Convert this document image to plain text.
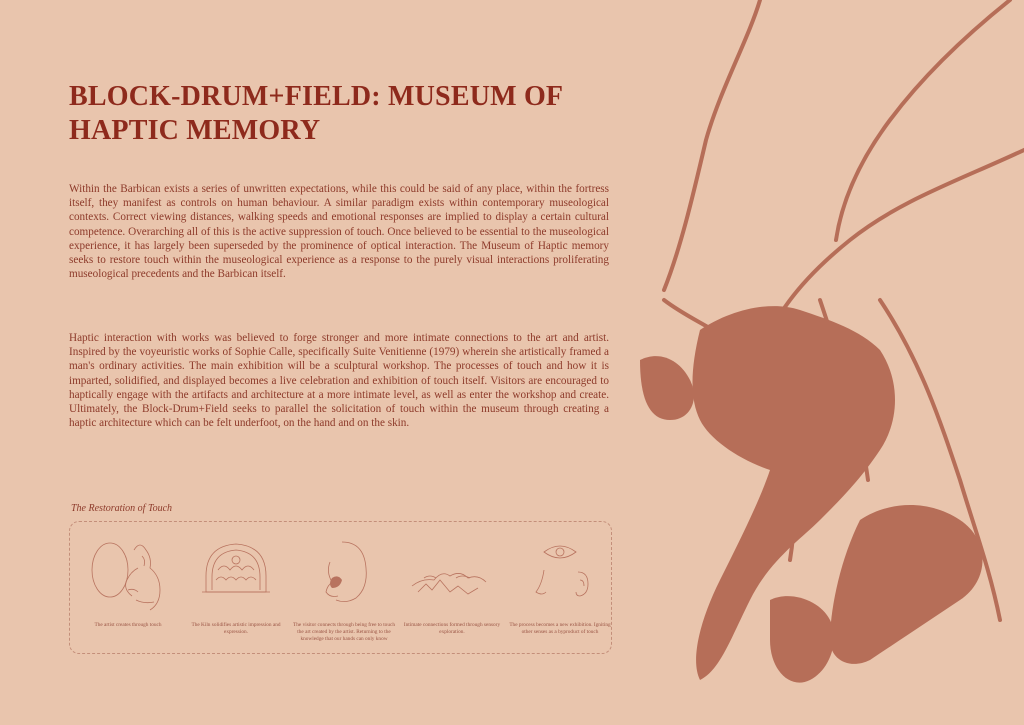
BLOCK-DRUM+FIELD: MUSEUM OF HAPTIC MEMORY

Within the Barbican exists a series of unwritten expectations, while this could be said of any place, within the fortress itself, they manifest as controls on human behaviour. A similar paradigm exists within contemporary museological contexts. Correct viewing distances, walking speeds and emotional responses are implied to display a certain cultural competence. Overarching all of this is the active suppression of touch. Once believed to be essential to the museological experience, it has largely been superseded by the prominence of optical interaction. The Museum of Haptic memory seeks to restore touch within the museological experience as a response to the purely visual interactions proliferating museological precedents and the Barbican itself.

Haptic interaction with works was believed to forge stronger and more intimate connections to the art and artist. Inspired by the voyeuristic works of Sophie Calle, specifically Suite Venitienne (1979) wherein she artistically framed a man's ordinary activities. The main exhibition will be a sculptural workshop. The processes of touch and how it is imparted, solidified, and displayed becomes a live celebration and exhibition of touch itself. Visitors are encouraged to haptically engage with the artifacts and architecture at a more intimate level, as well as enter the workshop and create. Ultimately, the Block-Drum+Field seeks to parallel the solicitation of touch within the museum through creating a haptic architecture which can be felt underfoot, on the hand and on the skin.

The Restoration of Touch

The artist creates through touch	The Kiln solidifies artistic impression and expression.

The visitor connects through being free to touch the art created by the artist. Returning to the knowledge that our hands can only know

Intimate connections formed through sensory exploration.

The process becomes a new exhibition. Igniting other senses as a byproduct of touch
